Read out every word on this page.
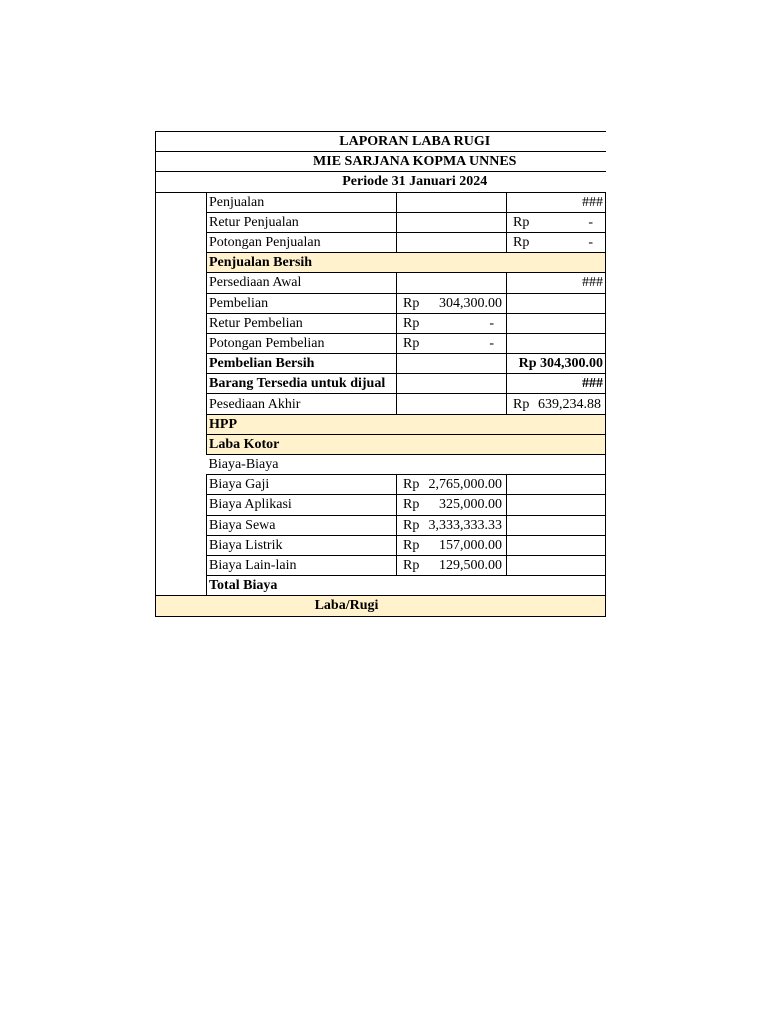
LAPORAN LABA RUGI			
MIE SARJANA KOPMA UNNES			
Periode 31 Januari 2024			
	Penjualan		###
	Retur Penjualan		Rp -

	Potongan Penjualan		Rp -

	Penjualan Bersih		
	Persediaan Awal		###
	Pembelian	Rp 304,300.00	

	Retur Pembelian	Rp -	

	Potongan Pembelian	Rp -	

	Pembelian Bersih		Rp 304,300.00
	Barang Tersedia untuk dijual		###
	Pesediaan Akhir		Rp 639,234.88

	HPP		
	Laba Kotor		
	Biaya-Biaya		
	Biaya Gaji	Rp 2,765,000.00	

	Biaya Aplikasi	Rp 325,000.00	

	Biaya Sewa	Rp 3,333,333.33	

	Biaya Listrik	Rp 157,000.00	

	Biaya Lain-lain	Rp 129,500.00	

	Total Biaya		
Laba/Rugi			
